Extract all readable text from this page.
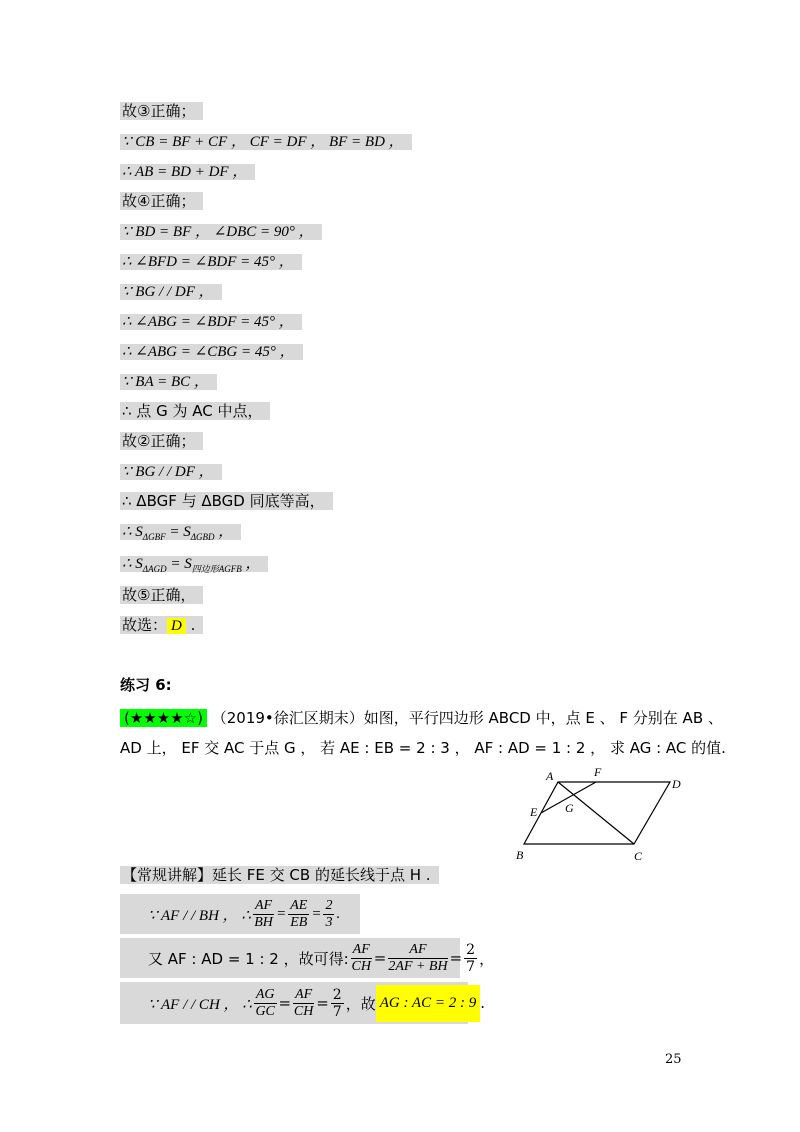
故③正确；
∵ CB = BF + CF ， CF = DF ， BF = BD ，
∴ AB = BD + DF ，
故④正确；
∵ BD = BF ， ∠DBC = 90° ，
∴ ∠BFD = ∠BDF = 45° ，
∵ BG / / DF ，
∴ ∠ABG = ∠BDF = 45° ，
∴ ∠ABG = ∠CBG = 45° ，
∵ BA = BC ，
∴ 点 G 为 AC 中点，
故②正确；
∵ BG / / DF ，
∴ ΔBGF 与 ΔBGD 同底等高，
∴ $S_{\Delta GBF} = S_{\Delta GBD}$ ，
∴ $S_{\Delta AGD} = S_{四边形AGFB}$ ，
故⑤正确，
故选： D .
练习 6:
(★★★★☆) （2019•徐汇区期末）如图，平行四边形 ABCD 中，点 E 、 F 分别在 AB 、
AD 上， EF 交 AC 于点 G ， 若 AE : EB = 2 : 3 ， AF : AD = 1 : 2 ， 求 AG : AC 的值.
A	F
D
E G
B	C
【常规讲解】延长 FE 交 CB 的延长线于点 H .
∵ AF / / BH ， ∴ $\frac{AF}{BH} = \frac{AE}{EB} = \frac{2}{3}$ .
又 AF : AD = 1 : 2 ，故可得: $\frac{AF}{CH} = \frac{AF}{2AF + BH} = \frac{2}{7}$ ，
∵ AF / / CH ， ∴ $\frac{AG}{GC} = \frac{AF}{CH} = \frac{2}{7}$ ，故 AG : AC = 2 : 9 .
25
